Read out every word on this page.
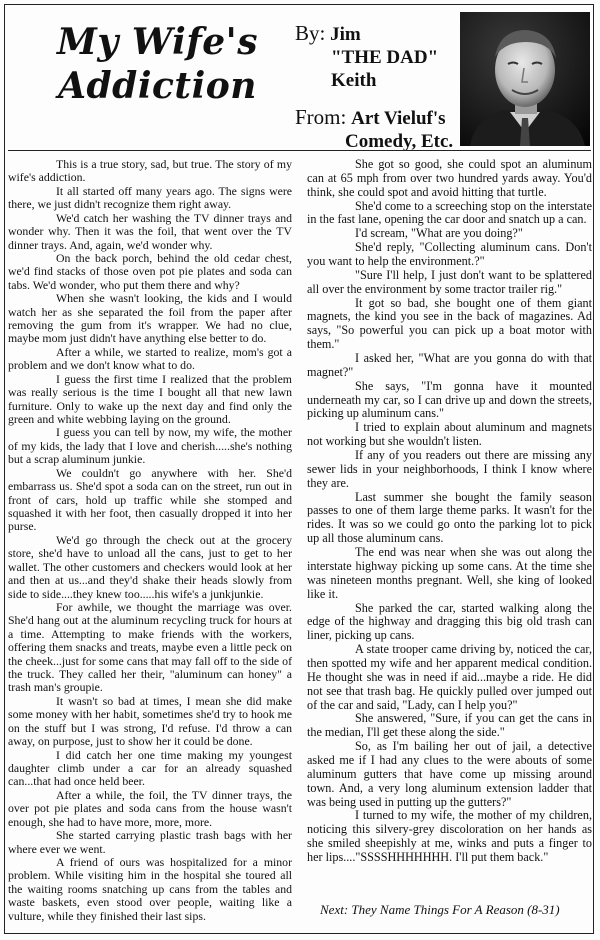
My Wife's
Addiction
By: Jim
"THE DAD"
Keith
From: Art Vieluf's
Comedy, Etc.

This is a true story, sad, but true. The story of my wife's addiction.

It all started off many years ago. The signs were there, we just didn't recognize them right away.

We'd catch her washing the TV dinner trays and wonder why. Then it was the foil, that went over the TV dinner trays. And, again, we'd wonder why.

On the back porch, behind the old cedar chest, we'd find stacks of those oven pot pie plates and soda can tabs. We'd wonder, who put them there and why?

When she wasn't looking, the kids and I would watch her as she separated the foil from the paper after removing the gum from it's wrapper. We had no clue, maybe mom just didn't have anything else better to do.

After a while, we started to realize, mom's got a problem and we don't know what to do.

I guess the first time I realized that the problem was really serious is the time I bought all that new lawn furniture. Only to wake up the next day and find only the green and white webbing laying on the ground.

I guess you can tell by now, my wife, the mother of my kids, the lady that I love and cherish.....she's nothing but a scrap aluminum junkie.

We couldn't go anywhere with her. She'd embarrass us. She'd spot a soda can on the street, run out in front of cars, hold up traffic while she stomped and squashed it with her foot, then casually dropped it into her purse.

We'd go through the check out at the grocery store, she'd have to unload all the cans, just to get to her wallet. The other customers and checkers would look at her and then at us...and they'd shake their heads slowly from side to side....they knew too.....his wife's a junkjunkie.

For awhile, we thought the marriage was over. She'd hang out at the aluminum recycling truck for hours at a time. Attempting to make friends with the workers, offering them snacks and treats, maybe even a little peck on the cheek...just for some cans that may fall off to the side of the truck. They called her their, "aluminum can honey" a trash man's groupie.

It wasn't so bad at times, I mean she did make some money with her habit, sometimes she'd try to hook me on the stuff but I was strong, I'd refuse. I'd throw a can away, on purpose, just to show her it could be done.

I did catch her one time making my youngest daughter climb under a car for an already squashed can...that had once held beer.

After a while, the foil, the TV dinner trays, the over pot pie plates and soda cans from the house wasn't enough, she had to have more, more, more.

She started carrying plastic trash bags with her where ever we went.

A friend of ours was hospitalized for a minor problem. While visiting him in the hospital she toured all the waiting rooms snatching up cans from the tables and waste baskets, even stood over people, waiting like a vulture, while they finished their last sips.

She got so good, she could spot an aluminum can at 65 mph from over two hundred yards away. You'd think, she could spot and avoid hitting that turtle.

She'd come to a screeching stop on the interstate in the fast lane, opening the car door and snatch up a can.

I'd scream, "What are you doing?"

She'd reply, "Collecting aluminum cans. Don't you want to help the environment.?"

"Sure I'll help, I just don't want to be splattered all over the environment by some tractor trailer rig."

It got so bad, she bought one of them giant magnets, the kind you see in the back of magazines. Ad says, "So powerful you can pick up a boat motor with them."

I asked her, "What are you gonna do with that magnet?"

She says, "I'm gonna have it mounted underneath my car, so I can drive up and down the streets, picking up aluminum cans."

I tried to explain about aluminum and magnets not working but she wouldn't listen.

If any of you readers out there are missing any sewer lids in your neighborhoods, I think I know where they are.

Last summer she bought the family season passes to one of them large theme parks. It wasn't for the rides. It was so we could go onto the parking lot to pick up all those aluminum cans.

The end was near when she was out along the interstate highway picking up some cans. At the time she was nineteen months pregnant. Well, she king of looked like it.

She parked the car, started walking along the edge of the highway and dragging this big old trash can liner, picking up cans.

A state trooper came driving by, noticed the car, then spotted my wife and her apparent medical condition. He thought she was in need if aid...maybe a ride. He did not see that trash bag. He quickly pulled over jumped out of the car and said, "Lady, can I help you?"

She answered, "Sure, if you can get the cans in the median, I'll get these along the side."

So, as I'm bailing her out of jail, a detective asked me if I had any clues to the were abouts of some aluminum gutters that have come up missing around town. And, a very long aluminum extension ladder that was being used in putting up the gutters?"

I turned to my wife, the mother of my children, noticing this silvery-grey discoloration on her hands as she smiled sheepishly at me, winks and puts a finger to her lips...."SSSSHHHHHHH. I'll put them back."

Next: They Name Things For A Reason (8-31)
